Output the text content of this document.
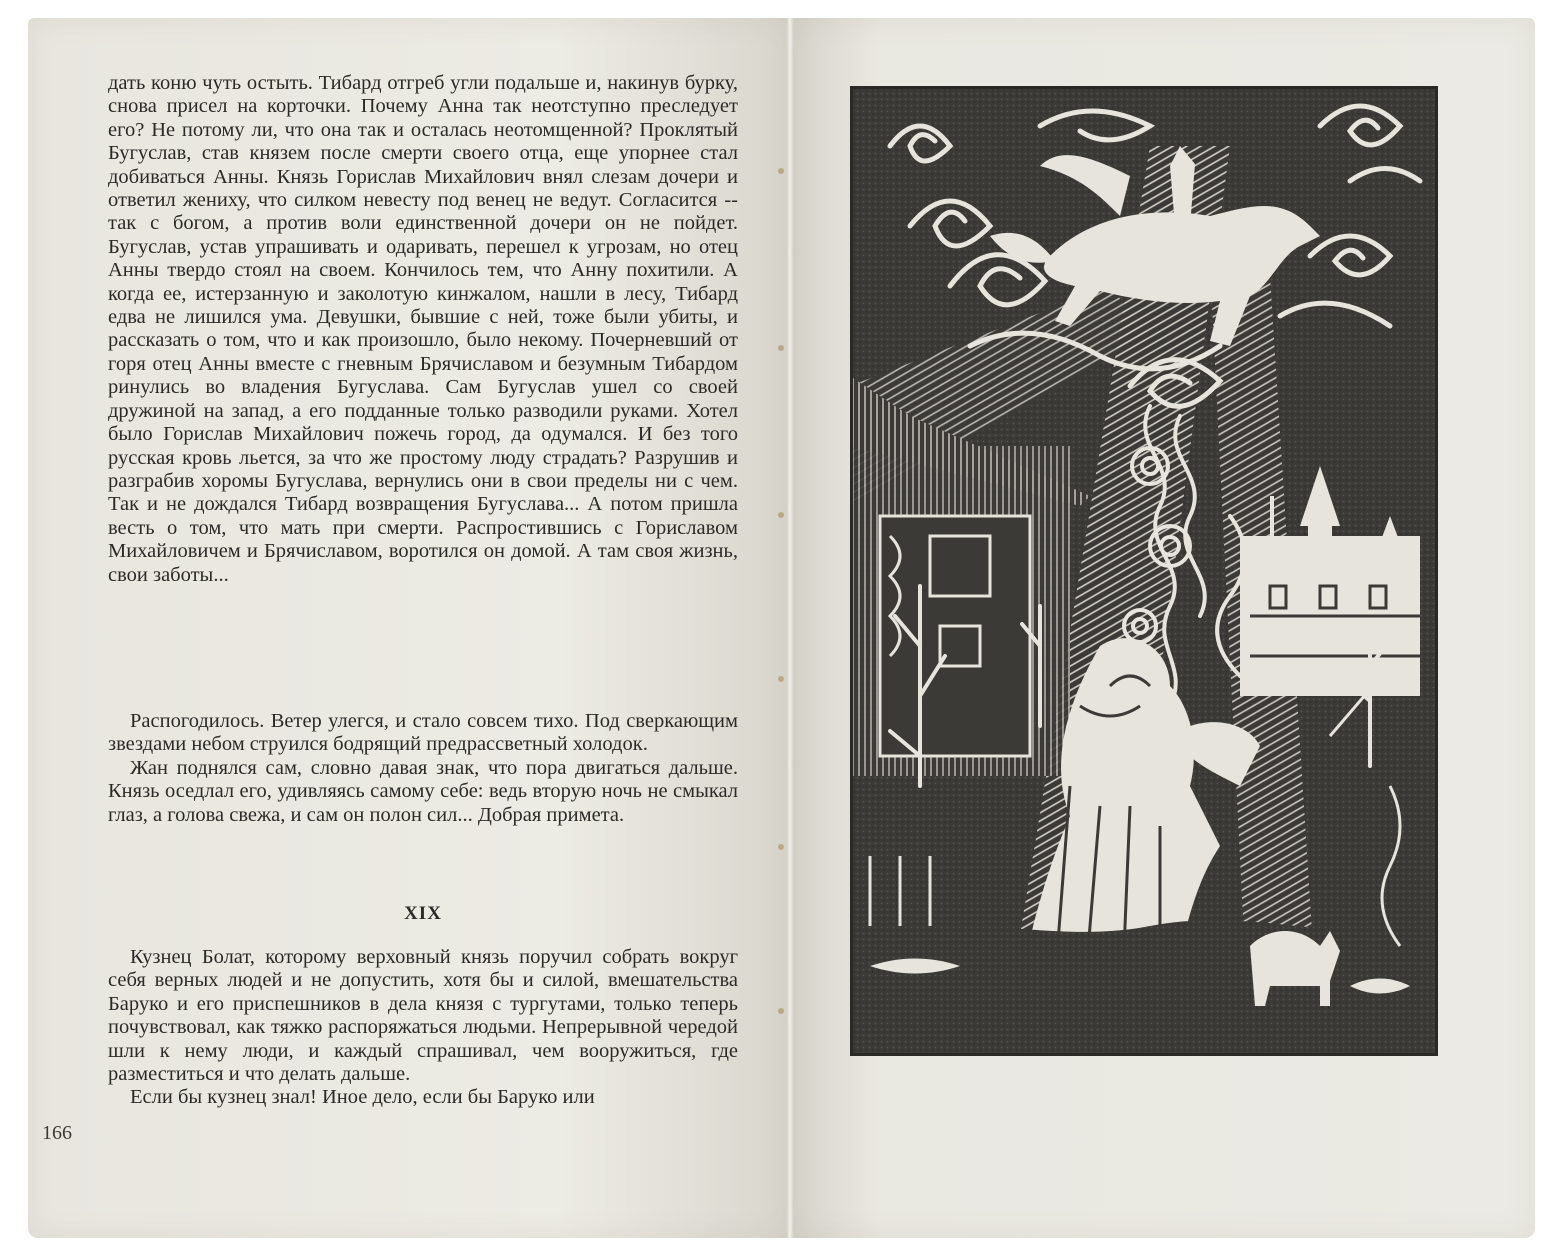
дать коню чуть остыть. Тибард отгреб угли подальше и, накинув бурку, снова присел на корточки. Почему Анна так неотступно преследует его? Не потому ли, что она так и осталась неотомщенной? Проклятый Бугуслав, став князем после смерти своего отца, еще упорнее стал добиваться Анны. Князь Горислав Михайлович внял слезам дочери и ответил жениху, что силком невесту под венец не ведут. Согласится -- так с богом, а против воли единственной дочери он не пойдет. Бугуслав, устав упрашивать и одаривать, перешел к угрозам, но отец Анны твердо стоял на своем. Кончилось тем, что Анну похитили. А когда ее, истерзанную и заколотую кинжалом, нашли в лесу, Тибард едва не лишился ума. Девушки, бывшие с ней, тоже были убиты, и рассказать о том, что и как произошло, было некому. Почерневший от горя отец Анны вместе с гневным Брячиславом и безумным Тибардом ринулись во владения Бугуслава. Сам Бугуслав ушел со своей дружиной на запад, а его подданные только разводили руками. Хотел было Горислав Михайлович пожечь город, да одумался. И без того русская кровь льется, за что же простому люду страдать? Разрушив и разграбив хоромы Бугуслава, вернулись они в свои пределы ни с чем. Так и не дождался Тибард возвращения Бугуслава... А потом пришла весть о том, что мать при смерти. Распростившись с Гориславом Михайловичем и Брячиславом, воротился он домой. А там своя жизнь, свои заботы...

Распогодилось. Ветер улегся, и стало совсем тихо. Под сверкающим звездами небом струился бодрящий предрассветный холодок.

Жан поднялся сам, словно давая знак, что пора двигаться дальше. Князь оседлал его, удивляясь самому себе: ведь вторую ночь не смыкал глаз, а голова свежа, и сам он полон сил... Добрая примета.

XIX

Кузнец Болат, которому верховный князь поручил собрать вокруг себя верных людей и не допустить, хотя бы и силой, вмешательства Баруко и его приспешников в дела князя с тургутами, только теперь почувствовал, как тяжко распоряжаться людьми. Непрерывной чередой шли к нему люди, и каждый спрашивал, чем вооружиться, где разместиться и что делать дальше.

Если бы кузнец знал! Иное дело, если бы Баруко или

166
